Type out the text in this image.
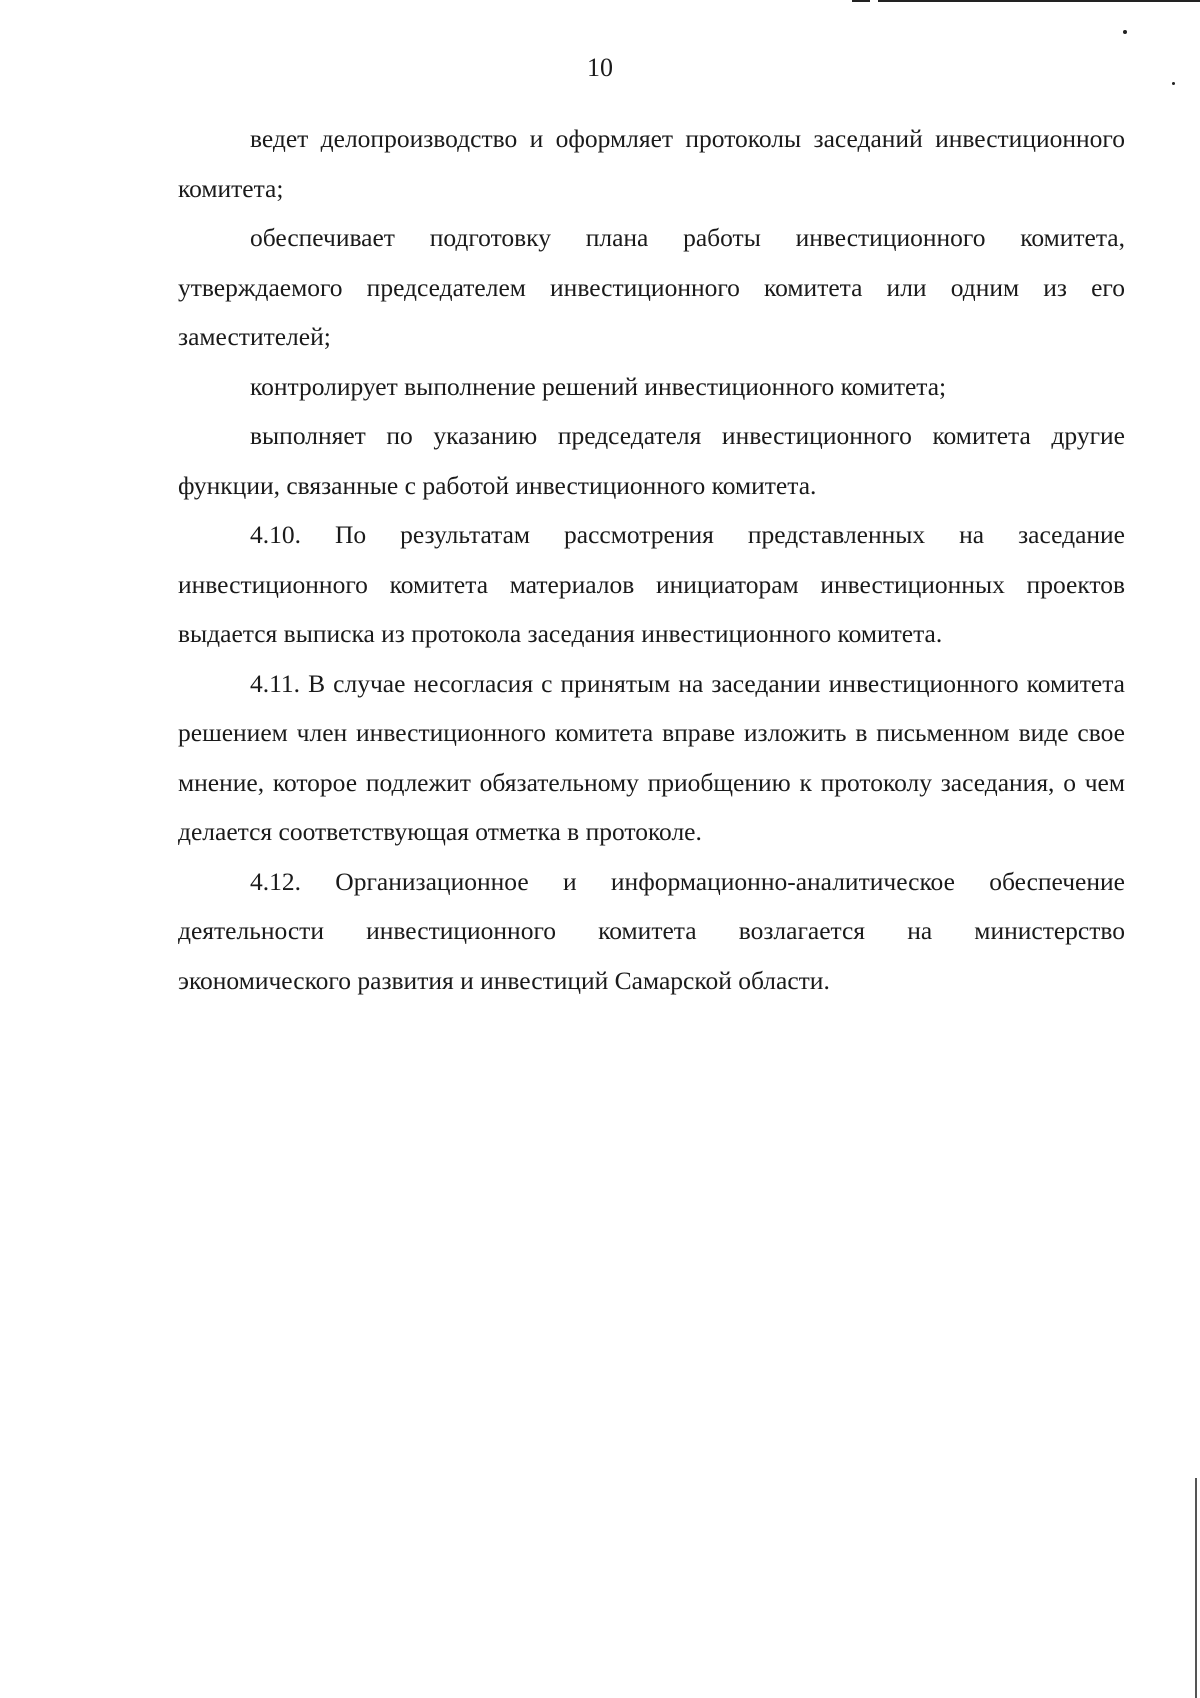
10

ведет делопроизводство и оформляет протоколы заседаний инвестиционного комитета;

обеспечивает подготовку плана работы инвестиционного комитета, утверждаемого председателем инвестиционного комитета или одним из его заместителей;

контролирует выполнение решений инвестиционного комитета;

выполняет по указанию председателя инвестиционного комитета другие функции, связанные с работой инвестиционного комитета.

4.10. По результатам рассмотрения представленных на заседание инвестиционного комитета материалов инициаторам инвестиционных проектов выдается выписка из протокола заседания инвестиционного комитета.

4.11. В случае несогласия с принятым на заседании инвестиционного комитета решением член инвестиционного комитета вправе изложить в письменном виде свое мнение, которое подлежит обязательному приобщению к протоколу заседания, о чем делается соответствующая отметка в протоколе.

4.12. Организационное и информационно-аналитическое обеспечение деятельности инвестиционного комитета возлагается на министерство экономического развития и инвестиций Самарской области.
